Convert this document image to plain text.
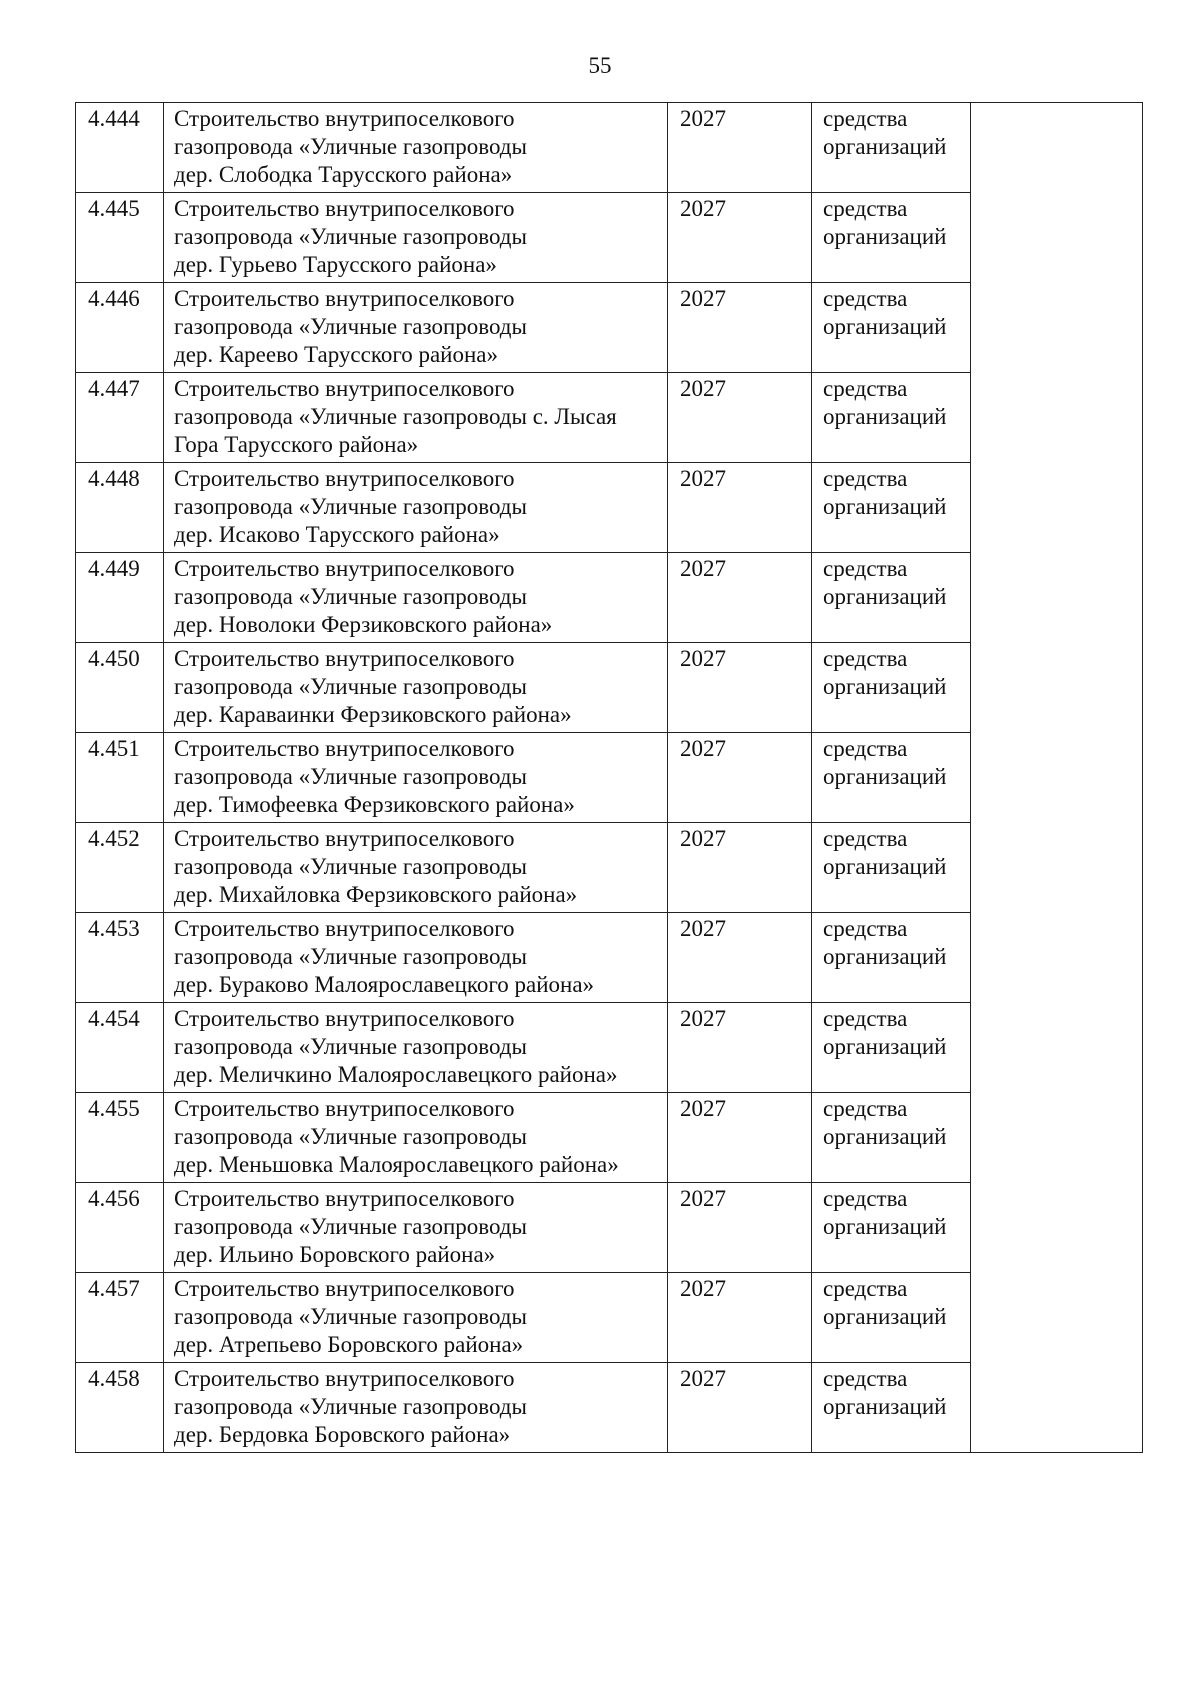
55
4.444	Строительство внутрипоселкового
газопровода «Уличные газопроводы
дер. Слободка Тарусского района»	2027	средства
организаций	

4.445	Строительство внутрипоселкового
газопровода «Уличные газопроводы
дер. Гурьево Тарусского района»	2027	средства
организаций	

4.446	Строительство внутрипоселкового
газопровода «Уличные газопроводы
дер. Кареево Тарусского района»	2027	средства
организаций	

4.447	Строительство внутрипоселкового
газопровода «Уличные газопроводы с. Лысая
Гора Тарусского района»	2027	средства
организаций	

4.448	Строительство внутрипоселкового
газопровода «Уличные газопроводы
дер. Исаково Тарусского района»	2027	средства
организаций	

4.449	Строительство внутрипоселкового
газопровода «Уличные газопроводы
дер. Новолоки Ферзиковского района»	2027	средства
организаций	

4.450	Строительство внутрипоселкового
газопровода «Уличные газопроводы
дер. Караваинки Ферзиковского района»	2027	средства
организаций	

4.451	Строительство внутрипоселкового
газопровода «Уличные газопроводы
дер. Тимофеевка Ферзиковского района»	2027	средства
организаций	

4.452	Строительство внутрипоселкового
газопровода «Уличные газопроводы
дер. Михайловка Ферзиковского района»	2027	средства
организаций	

4.453	Строительство внутрипоселкового
газопровода «Уличные газопроводы
дер. Бураково Малоярославецкого района»	2027	средства
организаций	

4.454	Строительство внутрипоселкового
газопровода «Уличные газопроводы
дер. Меличкино Малоярославецкого района»	2027	средства
организаций	

4.455	Строительство внутрипоселкового
газопровода «Уличные газопроводы
дер. Меньшовка Малоярославецкого района»	2027	средства
организаций	

4.456	Строительство внутрипоселкового
газопровода «Уличные газопроводы
дер. Ильино Боровского района»	2027	средства
организаций	

4.457	Строительство внутрипоселкового
газопровода «Уличные газопроводы
дер. Атрепьево Боровского района»	2027	средства
организаций	

4.458	Строительство внутрипоселкового
газопровода «Уличные газопроводы
дер. Бердовка Боровского района»	2027	средства
организаций	
